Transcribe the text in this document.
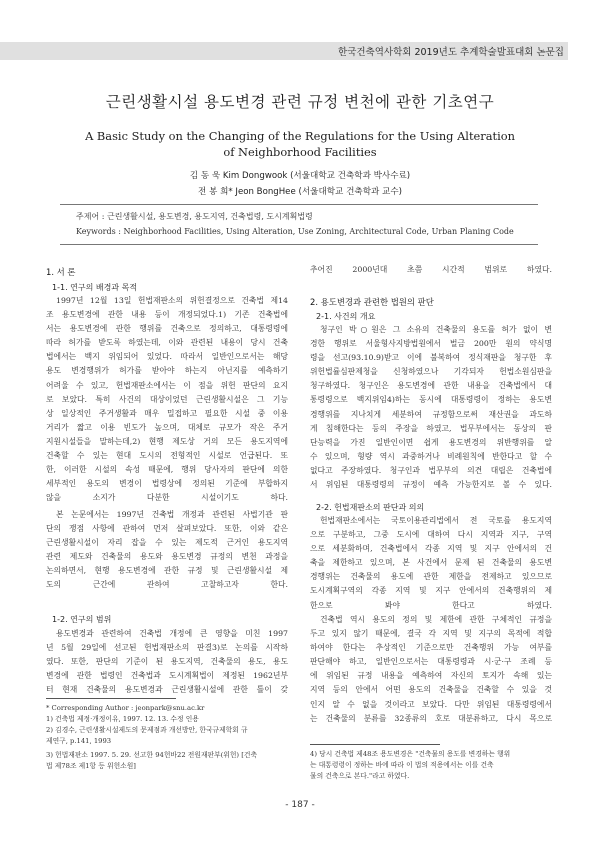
한국건축역사학회 2019년도 추계학술발표대회 논문집
근린생활시설 용도변경 관련 규정 변천에 관한 기초연구
A Basic Study on the Changing of the Regulations for the Using Alteration
of Neighborhood Facilities
김 동 욱 Kim Dongwook (서울대학교 건축학과 박사수료)
전 봉 희* Jeon BongHee (서울대학교 건축학과 교수)
주제어 : 근린생활시설, 용도변경, 용도지역, 건축법령, 도시계획법령
Keywords : Neighborhood Facilities, Using Alteration, Use Zoning, Architectural Code, Urban Planing Code
1. 서 론
1-1. 연구의 배경과 목적
1997년 12월 13일 헌법재판소의 위헌결정으로 건축법 제14
조 용도변경에 관한 내용 등이 개정되었다.1) 기존 건축법에
서는 용도변경에 관한 행위를 건축으로 정의하고, 대통령령에
따라 허가를 받도록 하였는데, 이와 관련된 내용이 당시 건축
법에서는 백지 위임되어 있었다. 따라서 일반인으로서는 해당
용도 변경행위가 허가를 받아야 하는지 아닌지를 예측하기
어려울 수 있고, 헌법재판소에서는 이 점을 위헌 판단의 요지
로 보았다. 특히 사건의 대상이었던 근린생활시설은 그 기능
상 일상적인 주거생활과 매우 밀접하고 필요한 시설 중 이용
거리가 짧고 이용 빈도가 높으며, 대체로 규모가 작은 주거
지원시설들을 말하는데,2) 현행 제도상 거의 모든 용도지역에
건축할 수 있는 현대 도시의 전형적인 시설로 언급된다. 또
한, 이러한 시설의 속성 때문에, 행위 당사자의 판단에 의한
세부적인 용도의 변경이 법령상에 정의된 기준에 부합하지
않을 소지가 다분한 시설이기도 하다.
본 논문에서는 1997년 건축법 개정과 관련된 사법기관 판
단의 쟁점 사항에 관하여 먼저 살펴보았다. 또한, 이와 같은
근린생활시설이 자리 잡을 수 있는 제도적 근거인 용도지역
관련 제도와 건축물의 용도와 용도변경 규정의 변천 과정을
논의하면서, 현행 용도변경에 관한 규정 및 근린생활시설 제
도의 근간에 관하여 고찰하고자 한다.
1-2. 연구의 범위
용도변경과 관련하여 건축법 개정에 큰 영향을 미친 1997
년 5월 29일에 선고된 헌법재판소의 판결3)로 논의를 시작하
였다. 또한, 판단의 기준이 된 용도지역, 건축물의 용도, 용도
변경에 관한 법령인 건축법과 도시계획법이 제정된 1962년부
터 현재 건축물의 용도변경과 근린생활시설에 관한 틀이 갖
* Corresponding Author : jeonpark@snu.ac.kr
1) 건축법 제정·개정이유, 1997. 12. 13. 수정 인용
2) 김경수, 근린생활시설제도의 문제점과 개선방안, 한국규제학회 규
제연구, p.141, 1993
3) 헌법재판소 1997. 5. 29. 선고한 94헌바22 전원재판부(위헌) [건축
법 제78조 제1항 등 위헌소원]
추어진 2000년대 초쯤 시간적 범위로 하였다.
2. 용도변경과 관련한 법원의 판단
2-1. 사건의 개요
청구인 박○원은 그 소유의 건축물의 용도를 허가 없이 변
경한 행위로 서울형사지방법원에서 벌금 200만 원의 약식명
령을 선고(93.10.9)받고 이에 불복하여 정식재판을 청구한 후
위헌법률심판제청을 신청하였으나 기각되자 헌법소원심판을
청구하였다. 청구인은 용도변경에 관한 내용을 건축법에서 대
통령령으로 백지위임4)하는 동시에 대통령령이 정하는 용도변
경행위를 지나치게 세분하여 규정함으로써 재산권을 과도하
게 침해한다는 등의 주장을 하였고, 법무부에서는 동상의 판
단능력을 가진 일반인이면 쉽게 용도변경의 위반행위를 알
수 있으며, 형량 역시 과중하거나 비례원칙에 반한다고 할 수
없다고 주장하였다. 청구인과 법무부의 의견 대립은 건축법에
서 위임된 대통령령의 규정이 예측 가능한지로 볼 수 있다.
2-2. 헌법재판소의 판단과 의의
헌법재판소에서는 국토이용관리법에서 전 국토를 용도지역
으로 구분하고, 그중 도시에 대하여 다시 지역과 지구, 구역
으로 세분화하며, 건축법에서 각종 지역 및 지구 안에서의 건
축을 제한하고 있으며, 본 사건에서 문제 된 건축물의 용도변
경행위는 건축물의 용도에 관한 제한을 전제하고 있으므로
도시계획구역의 각종 지역 및 지구 안에서의 건축행위의 제
한으로 봐야 한다고 하였다.
건축법 역시 용도의 정의 및 제한에 관한 구체적인 규정을
두고 있지 않기 때문에, 결국 각 지역 및 지구의 목적에 적합
하여야 한다는 추상적인 기준으로만 건축행위 가능 여부를
판단해야 하고, 일반인으로서는 대통령령과 시·군·구 조례 등
에 위임된 규정 내용을 예측하여 자신의 토지가 속해 있는
지역 등의 안에서 어떤 용도의 건축물을 건축할 수 있을 것
인지 알 수 없을 것이라고 보았다. 다만 위임된 대통령령에서
는 건축물의 분류를 32종류의 호로 대분류하고, 다시 목으로
4) 당시 건축법 제48조 용도변경은 "건축물의 용도를 변경하는 행위
는 대통령령이 정하는 바에 따라 이 법의 적용에서는 이를 건축
물의 건축으로 본다."라고 하였다.
- 187 -
